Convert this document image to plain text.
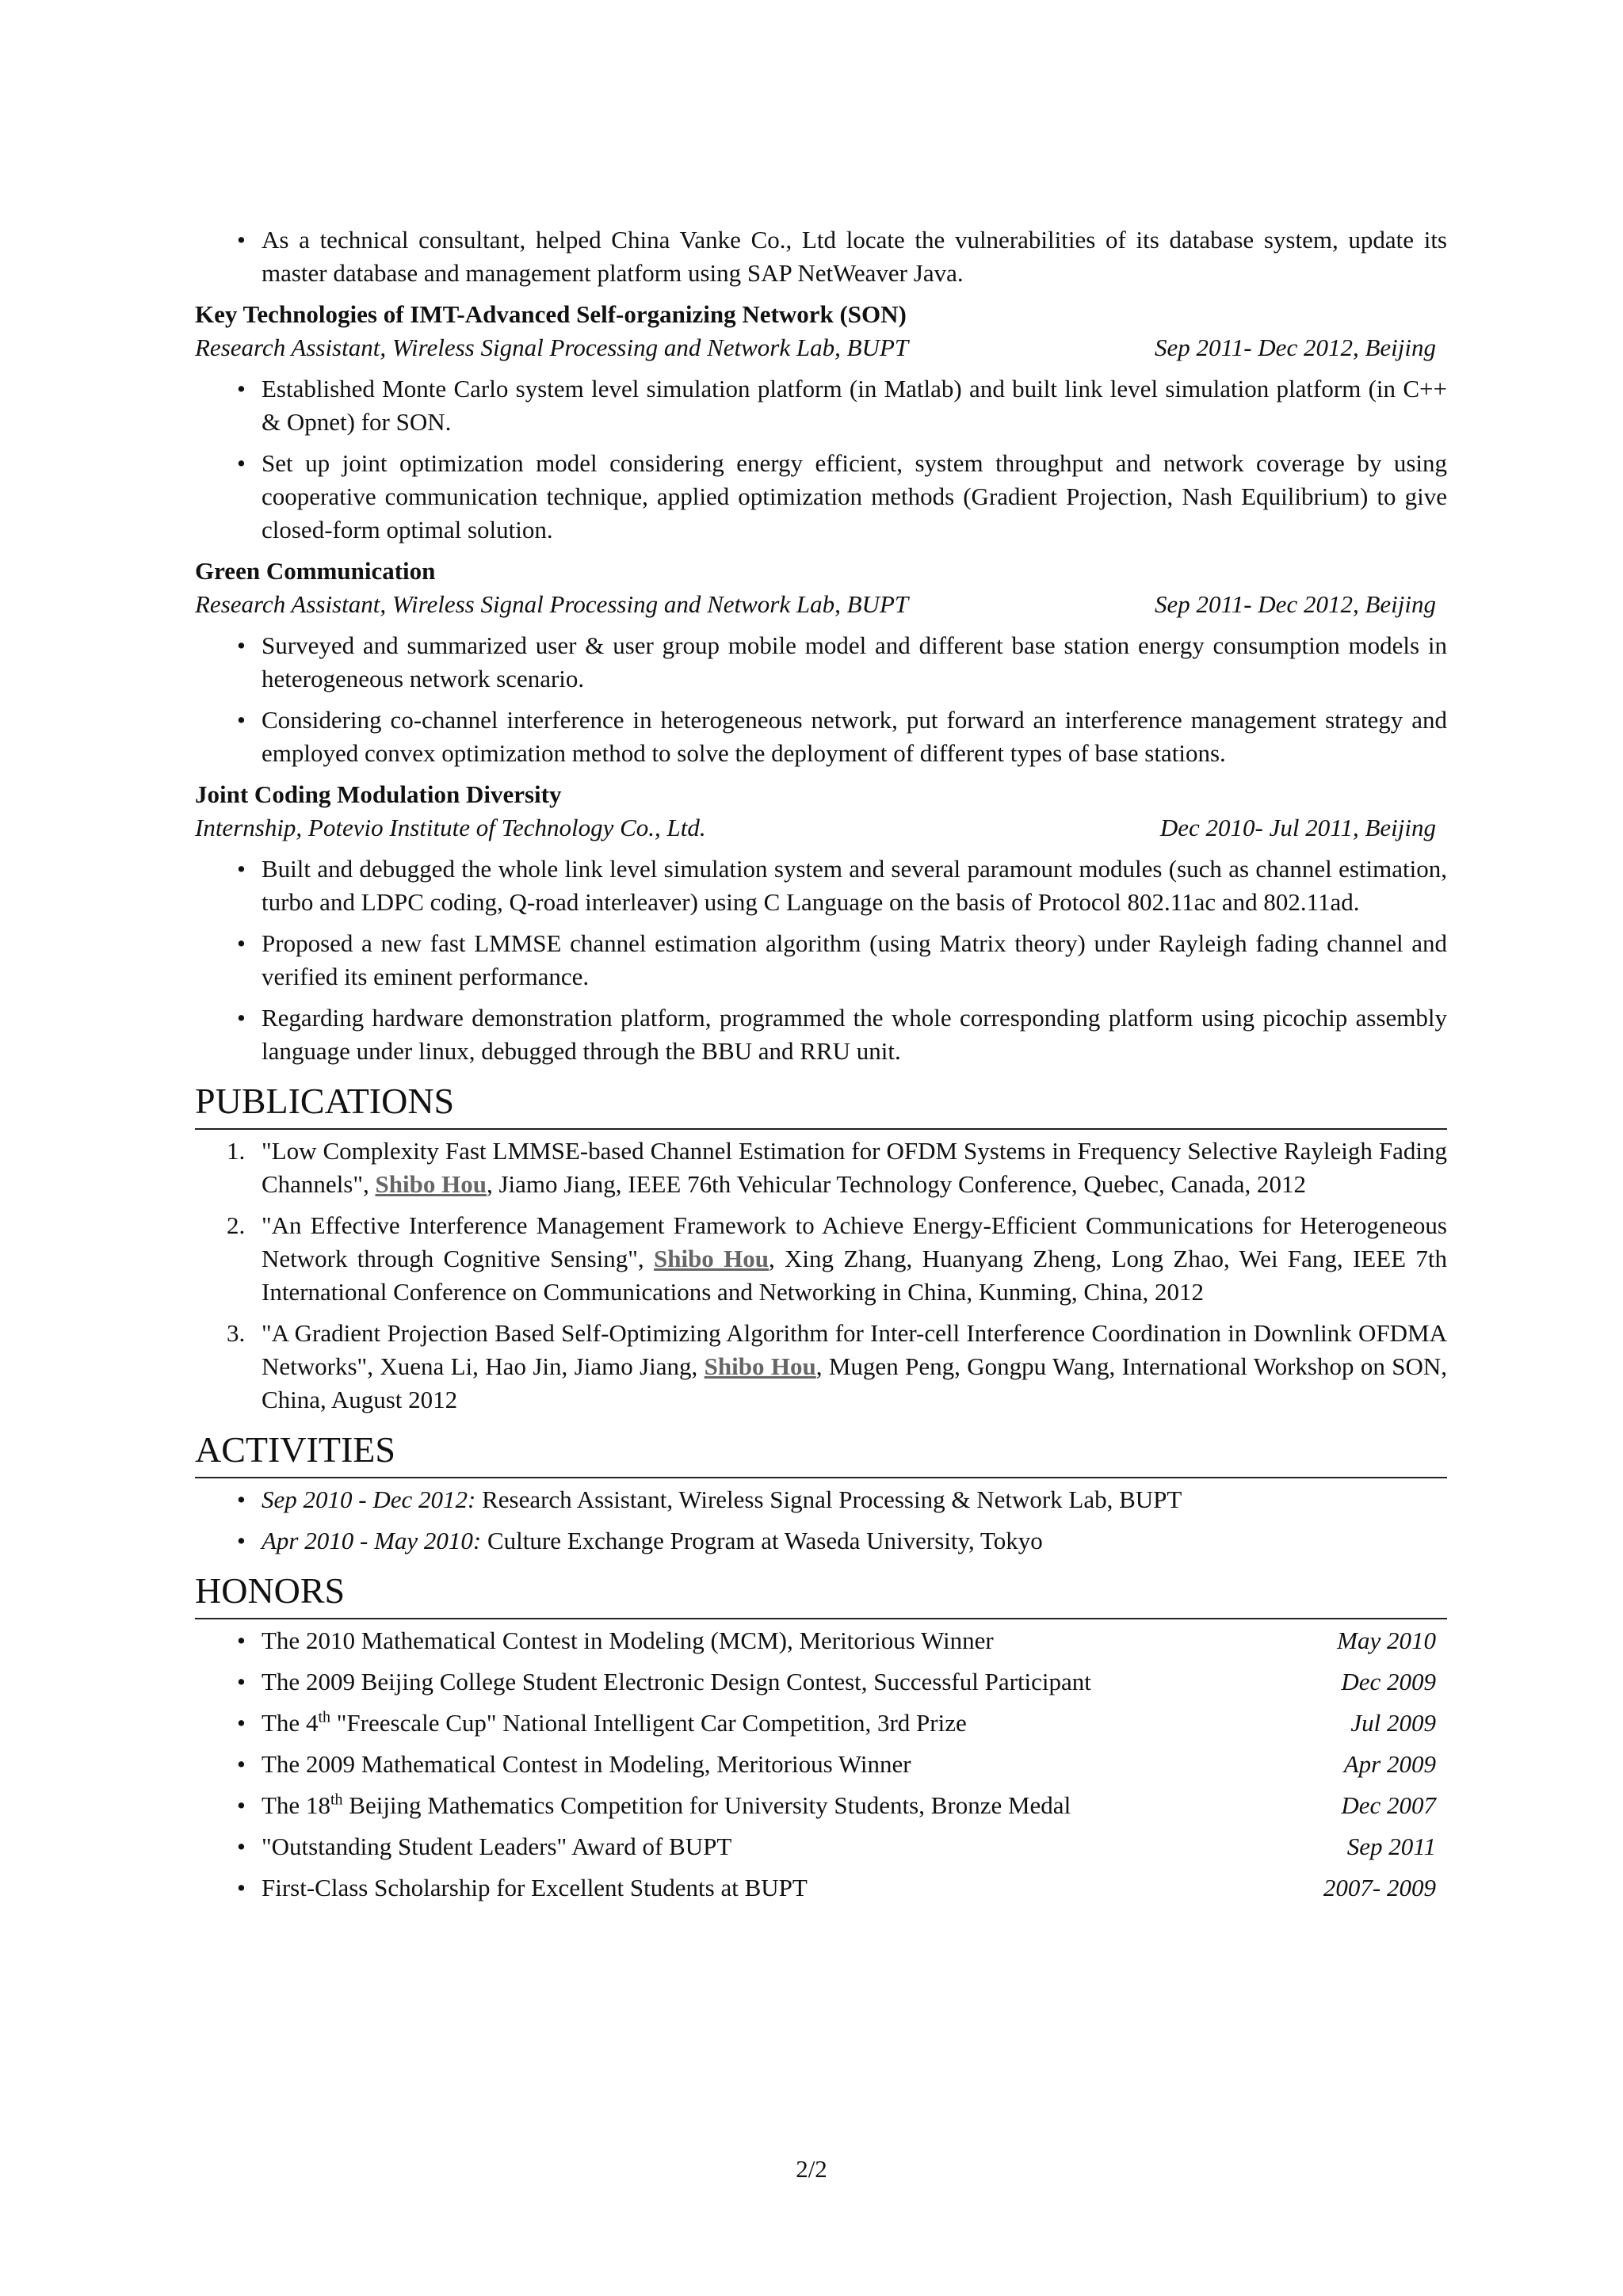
• As a technical consultant, helped China Vanke Co., Ltd locate the vulnerabilities of its database system, update its master database and management platform using SAP NetWeaver Java.
Key Technologies of IMT-Advanced Self-organizing Network (SON)
Research Assistant, Wireless Signal Processing and Network Lab, BUPT	Sep 2011- Dec 2012, Beijing
• Established Monte Carlo system level simulation platform (in Matlab) and built link level simulation platform (in C++ & Opnet) for SON.
• Set up joint optimization model considering energy efficient, system throughput and network coverage by using cooperative communication technique, applied optimization methods (Gradient Projection, Nash Equilibrium) to give closed-form optimal solution.
Green Communication
Research Assistant, Wireless Signal Processing and Network Lab, BUPT	Sep 2011- Dec 2012, Beijing
• Surveyed and summarized user & user group mobile model and different base station energy consumption models in heterogeneous network scenario.
• Considering co-channel interference in heterogeneous network, put forward an interference management strategy and employed convex optimization method to solve the deployment of different types of base stations.
Joint Coding Modulation Diversity
Internship, Potevio Institute of Technology Co., Ltd.	Dec 2010- Jul 2011, Beijing
• Built and debugged the whole link level simulation system and several paramount modules (such as channel estimation, turbo and LDPC coding, Q-road interleaver) using C Language on the basis of Protocol 802.11ac and 802.11ad.
• Proposed a new fast LMMSE channel estimation algorithm (using Matrix theory) under Rayleigh fading channel and verified its eminent performance.
• Regarding hardware demonstration platform, programmed the whole corresponding platform using picochip assembly language under linux, debugged through the BBU and RRU unit.
PUBLICATIONS
1. "Low Complexity Fast LMMSE-based Channel Estimation for OFDM Systems in Frequency Selective Rayleigh Fading Channels", Shibo Hou, Jiamo Jiang, IEEE 76th Vehicular Technology Conference, Quebec, Canada, 2012
2. "An Effective Interference Management Framework to Achieve Energy-Efficient Communications for Heterogeneous Network through Cognitive Sensing", Shibo Hou, Xing Zhang, Huanyang Zheng, Long Zhao, Wei Fang, IEEE 7th International Conference on Communications and Networking in China, Kunming, China, 2012
3. "A Gradient Projection Based Self-Optimizing Algorithm for Inter-cell Interference Coordination in Downlink OFDMA Networks", Xuena Li, Hao Jin, Jiamo Jiang, Shibo Hou, Mugen Peng, Gongpu Wang, International Workshop on SON, China, August 2012
ACTIVITIES
• Sep 2010 - Dec 2012: Research Assistant, Wireless Signal Processing & Network Lab, BUPT
• Apr 2010 - May 2010: Culture Exchange Program at Waseda University, Tokyo
HONORS
• The 2010 Mathematical Contest in Modeling (MCM), Meritorious Winner	May 2010
• The 2009 Beijing College Student Electronic Design Contest, Successful Participant	Dec 2009
• The 4th "Freescale Cup" National Intelligent Car Competition, 3rd Prize	Jul 2009
• The 2009 Mathematical Contest in Modeling, Meritorious Winner	Apr 2009
• The 18th Beijing Mathematics Competition for University Students, Bronze Medal	Dec 2007
• "Outstanding Student Leaders" Award of BUPT	Sep 2011
• First-Class Scholarship for Excellent Students at BUPT	2007- 2009
2/2
